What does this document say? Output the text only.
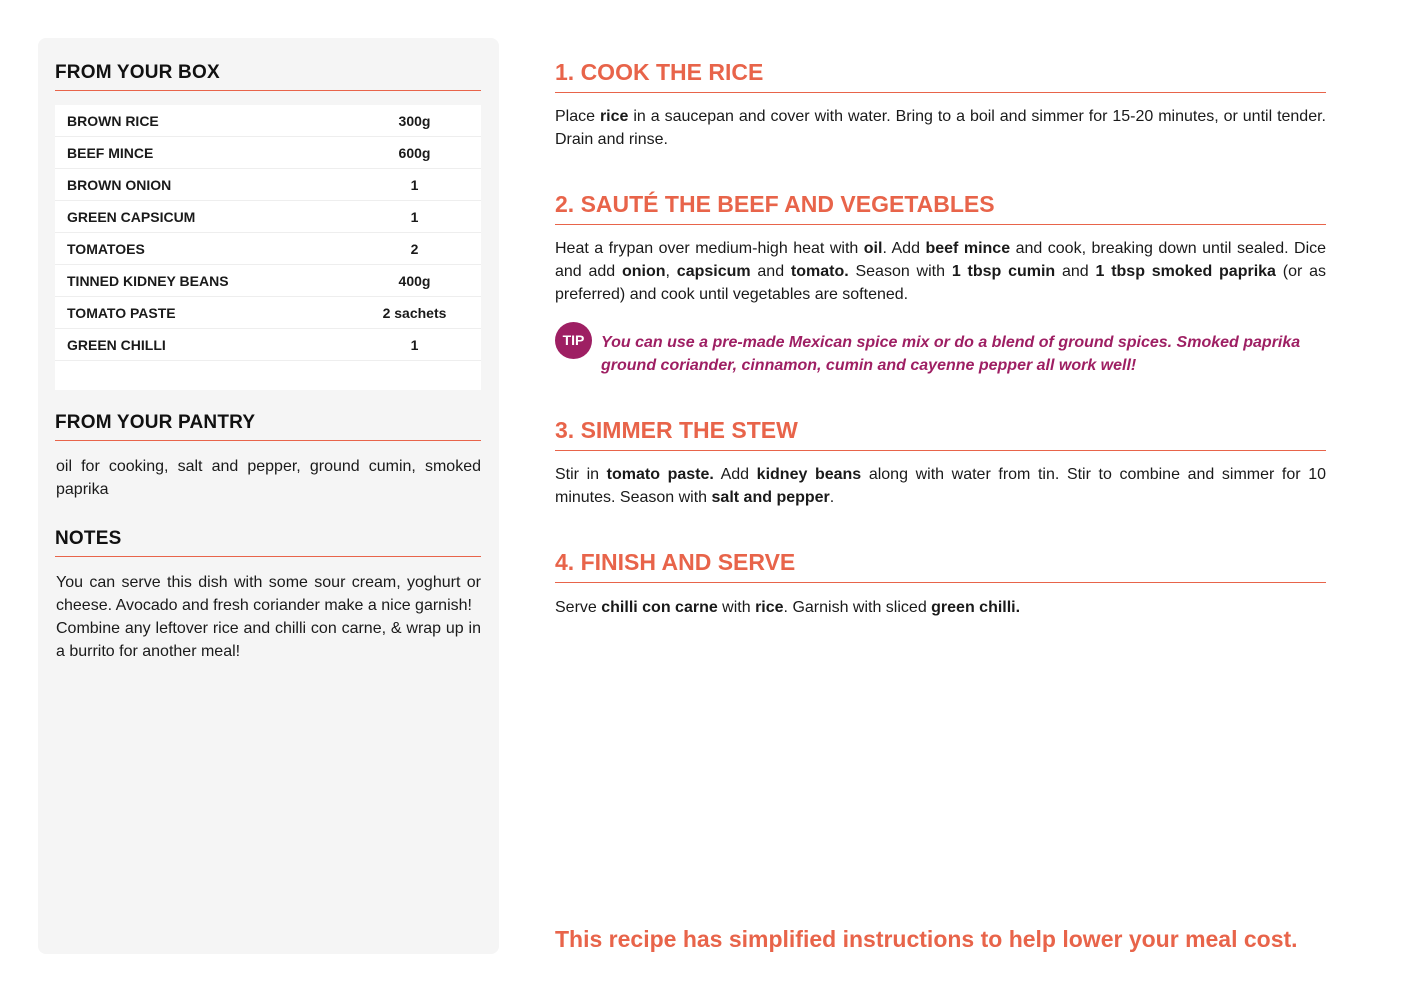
FROM YOUR BOX
BROWN RICE	300g
BEEF MINCE	600g
BROWN ONION	1
GREEN CAPSICUM	1
TOMATOES	2
TINNED KIDNEY BEANS	400g
TOMATO PASTE	2 sachets
GREEN CHILLI	1
FROM YOUR PANTRY
oil for cooking, salt and pepper, ground cumin, smoked paprika
NOTES
You can serve this dish with some sour cream, yoghurt or cheese. Avocado and fresh coriander make a nice garnish!
Combine any leftover rice and chilli con carne, & wrap up in a burrito for another meal!
1. COOK THE RICE
Place rice in a saucepan and cover with water. Bring to a boil and simmer for 15-20 minutes, or until tender. Drain and rinse.
2. SAUTÉ THE BEEF AND VEGETABLES
Heat a frypan over medium-high heat with oil. Add beef mince and cook, breaking down until sealed. Dice and add onion, capsicum and tomato. Season with 1 tbsp cumin and 1 tbsp smoked paprika (or as preferred) and cook until vegetables are softened.
TIP	You can use a pre-made Mexican spice mix or do a blend of ground spices. Smoked paprika ground coriander, cinnamon, cumin and cayenne pepper all work well!
3. SIMMER THE STEW
Stir in tomato paste. Add kidney beans along with water from tin. Stir to combine and simmer for 10 minutes. Season with salt and pepper.
4. FINISH AND SERVE
Serve chilli con carne with rice. Garnish with sliced green chilli.
This recipe has simplified instructions to help lower your meal cost.
